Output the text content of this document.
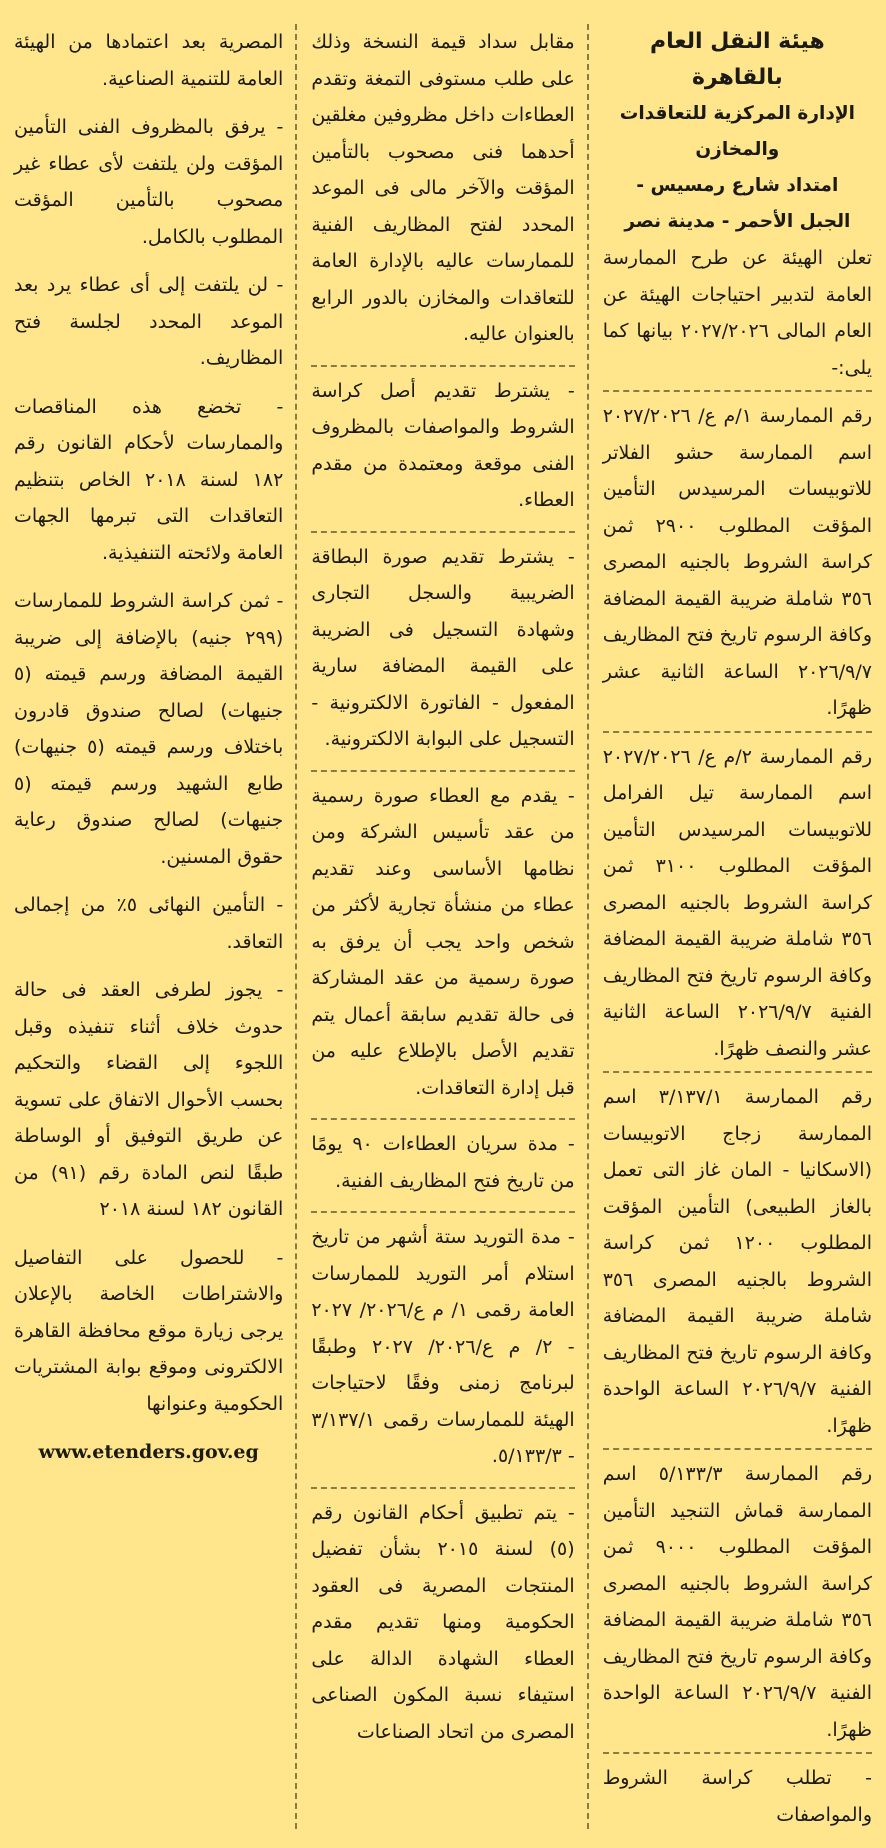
هيئة النقل العام بالقاهرة
الإدارة المركزية للتعاقدات والمخازن
امتداد شارع رمسيس -
الجبل الأحمر - مدينة نصر

تعلن الهيئة عن طرح الممارسة العامة لتدبير احتياجات الهيئة عن العام المالى ٢٠٢٧/٢٠٢٦ بيانها كما يلى:-

رقم الممارسة ١/م ع/ ٢٠٢٧/٢٠٢٦ اسم الممارسة حشو الفلاتر للاتوبيسات المرسيدس التأمين المؤقت المطلوب ٢٩٠٠ ثمن كراسة الشروط بالجنيه المصرى ٣٥٦ شاملة ضريبة القيمة المضافة وكافة الرسوم تاريخ فتح المظاريف ٢٠٢٦/٩/٧ الساعة الثانية عشر ظهرًا.

رقم الممارسة ٢/م ع/ ٢٠٢٧/٢٠٢٦ اسم الممارسة تيل الفرامل للاتوبيسات المرسيدس التأمين المؤقت المطلوب ٣١٠٠ ثمن كراسة الشروط بالجنيه المصرى ٣٥٦ شاملة ضريبة القيمة المضافة وكافة الرسوم تاريخ فتح المظاريف الفنية ٢٠٢٦/٩/٧ الساعة الثانية عشر والنصف ظهرًا.

رقم الممارسة ٣/١٣٧/١ اسم الممارسة زجاج الاتوبيسات (الاسكانيا - المان غاز التى تعمل بالغاز الطبيعى) التأمين المؤقت المطلوب ١٢٠٠ ثمن كراسة الشروط بالجنيه المصرى ٣٥٦ شاملة ضريبة القيمة المضافة وكافة الرسوم تاريخ فتح المظاريف الفنية ٢٠٢٦/٩/٧ الساعة الواحدة ظهرًا.

رقم الممارسة ٥/١٣٣/٣ اسم الممارسة قماش التنجيد التأمين المؤقت المطلوب ٩٠٠٠ ثمن كراسة الشروط بالجنيه المصرى ٣٥٦ شاملة ضريبة القيمة المضافة وكافة الرسوم تاريخ فتح المظاريف الفنية ٢٠٢٦/٩/٧ الساعة الواحدة ظهرًا.

- تطلب كراسة الشروط والمواصفات

مقابل سداد قيمة النسخة وذلك على طلب مستوفى التمغة وتقدم العطاءات داخل مظروفين مغلقين أحدهما فنى مصحوب بالتأمين المؤقت والآخر مالى فى الموعد المحدد لفتح المظاريف الفنية للممارسات عاليه بالإدارة العامة للتعاقدات والمخازن بالدور الرابع بالعنوان عاليه.

- يشترط تقديم أصل كراسة الشروط والمواصفات بالمظروف الفنى موقعة ومعتمدة من مقدم العطاء.

- يشترط تقديم صورة البطاقة الضريبية والسجل التجارى وشهادة التسجيل فى الضريبة على القيمة المضافة سارية المفعول - الفاتورة الالكترونية - التسجيل على البوابة الالكترونية.

- يقدم مع العطاء صورة رسمية من عقد تأسيس الشركة ومن نظامها الأساسى وعند تقديم عطاء من منشأة تجارية لأكثر من شخص واحد يجب أن يرفق به صورة رسمية من عقد المشاركة فى حالة تقديم سابقة أعمال يتم تقديم الأصل بالإطلاع عليه من قبل إدارة التعاقدات.

- مدة سريان العطاءات ٩٠ يومًا من تاريخ فتح المظاريف الفنية.

- مدة التوريد ستة أشهر من تاريخ استلام أمر التوريد للممارسات العامة رقمى ١/ م ع/٢٠٢٦/ ٢٠٢٧ - ٢/ م ع/٢٠٢٦/ ٢٠٢٧ وطبقًا لبرنامج زمنى وفقًا لاحتياجات الهيئة للممارسات رقمى ٣/١٣٧/١ - ٥/١٣٣/٣.

- يتم تطبيق أحكام القانون رقم (٥) لسنة ٢٠١٥ بشأن تفضيل المنتجات المصرية فى العقود الحكومية ومنها تقديم مقدم العطاء الشهادة الدالة على استيفاء نسبة المكون الصناعى المصرى من اتحاد الصناعات

المصرية بعد اعتمادها من الهيئة العامة للتنمية الصناعية.

- يرفق بالمظروف الفنى التأمين المؤقت ولن يلتفت لأى عطاء غير مصحوب بالتأمين المؤقت المطلوب بالكامل.

- لن يلتفت إلى أى عطاء يرد بعد الموعد المحدد لجلسة فتح المظاريف.

- تخضع هذه المناقصات والممارسات لأحكام القانون رقم ١٨٢ لسنة ٢٠١٨ الخاص بتنظيم التعاقدات التى تبرمها الجهات العامة ولائحته التنفيذية.

- ثمن كراسة الشروط للممارسات (٢٩٩ جنيه) بالإضافة إلى ضريبة القيمة المضافة ورسم قيمته (٥ جنيهات) لصالح صندوق قادرون باختلاف ورسم قيمته (٥ جنيهات) طابع الشهيد ورسم قيمته (٥ جنيهات) لصالح صندوق رعاية حقوق المسنين.

- التأمين النهائى ٥٪ من إجمالى التعاقد.

- يجوز لطرفى العقد فى حالة حدوث خلاف أثناء تنفيذه وقبل اللجوء إلى القضاء والتحكيم بحسب الأحوال الاتفاق على تسوية عن طريق التوفيق أو الوساطة طبقًا لنص المادة رقم (٩١) من القانون ١٨٢ لسنة ٢٠١٨

- للحصول على التفاصيل والاشتراطات الخاصة بالإعلان يرجى زيارة موقع محافظة القاهرة الالكترونى وموقع بوابة المشتريات الحكومية وعنوانها

www.etenders.gov.eg
